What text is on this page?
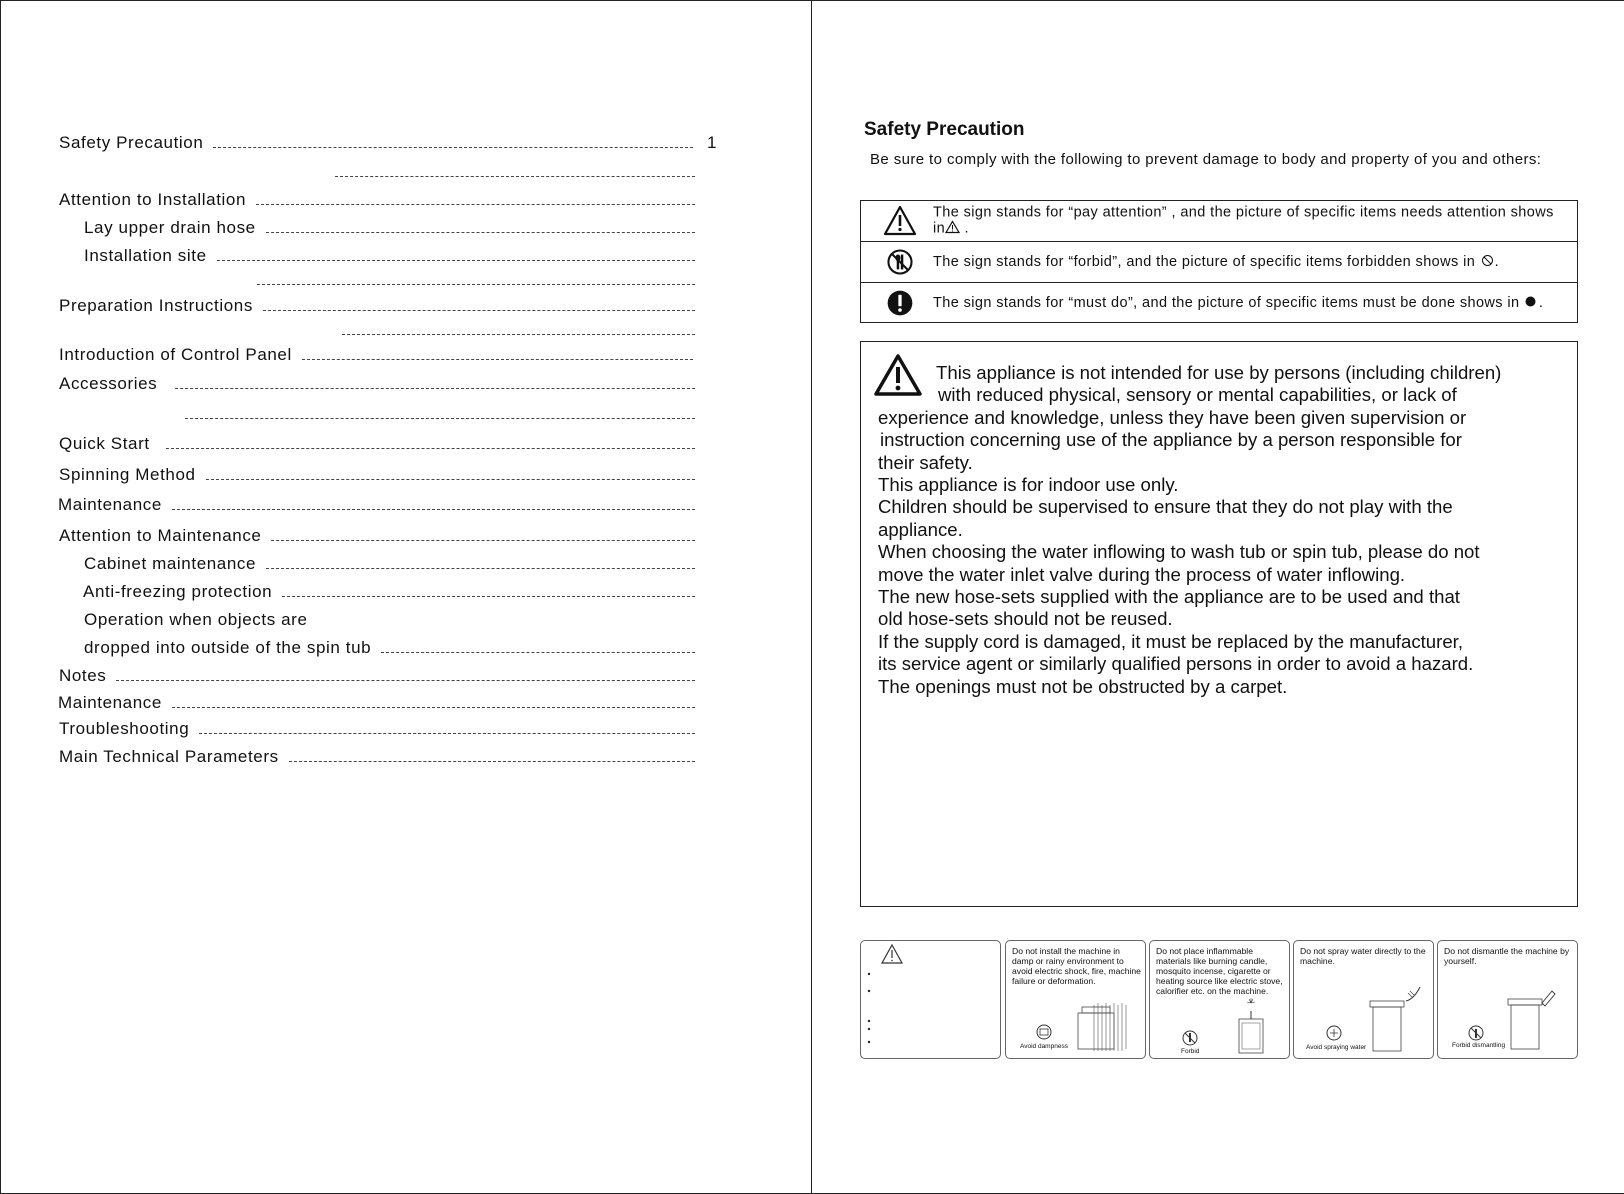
Safety Precaution	1
Attention to Installation
Lay upper drain hose
Installation site
Preparation Instructions
Introduction of Control Panel
Accessories
Quick Start
Spinning Method
Maintenance
Attention to Maintenance
Cabinet maintenance
Anti-freezing protection
Operation when objects are
dropped into outside of the spin tub
Notes
Maintenance
Troubleshooting
Main Technical Parameters
Safety Precaution
Be sure to comply with the following to prevent damage to body and property of you and others:
The sign stands for “pay attention” , and the picture of specific items needs attention shows in .
The sign stands for “forbid”, and the picture of specific items forbidden shows in .
The sign stands for “must do”, and the picture of specific items must be done shows in .

This appliance is not intended for use by persons (including children)

with reduced physical, sensory or mental capabilities, or lack of

experience and knowledge, unless they have been given supervision or

instruction concerning use of the appliance by a person responsible for

their safety.

This appliance is for indoor use only.

Children should be supervised to ensure that they do not play with the

appliance.

When choosing the water inflowing to wash tub or spin tub, please do not

move the water inlet valve during the process of water inflowing.

The new hose-sets supplied with the appliance are to be used and that

old hose-sets should not be reused.

If the supply cord is damaged, it must be replaced by the manufacturer,

its service agent or similarly qualified persons in order to avoid a hazard.

The openings must not be obstructed by a carpet.

Do not install the machine in damp or rainy environment to avoid electric shock, fire, machine failure or deformation.
Avoid dampness
Do not place inflammable materials like burning candle, mosquito incense, cigarette or heating source like electric stove, calorifier etc. on the machine.
Forbid
Do not spray water directly to the machine.
Avoid spraying water
Do not dismantle the machine by yourself.
Forbid dismantling
